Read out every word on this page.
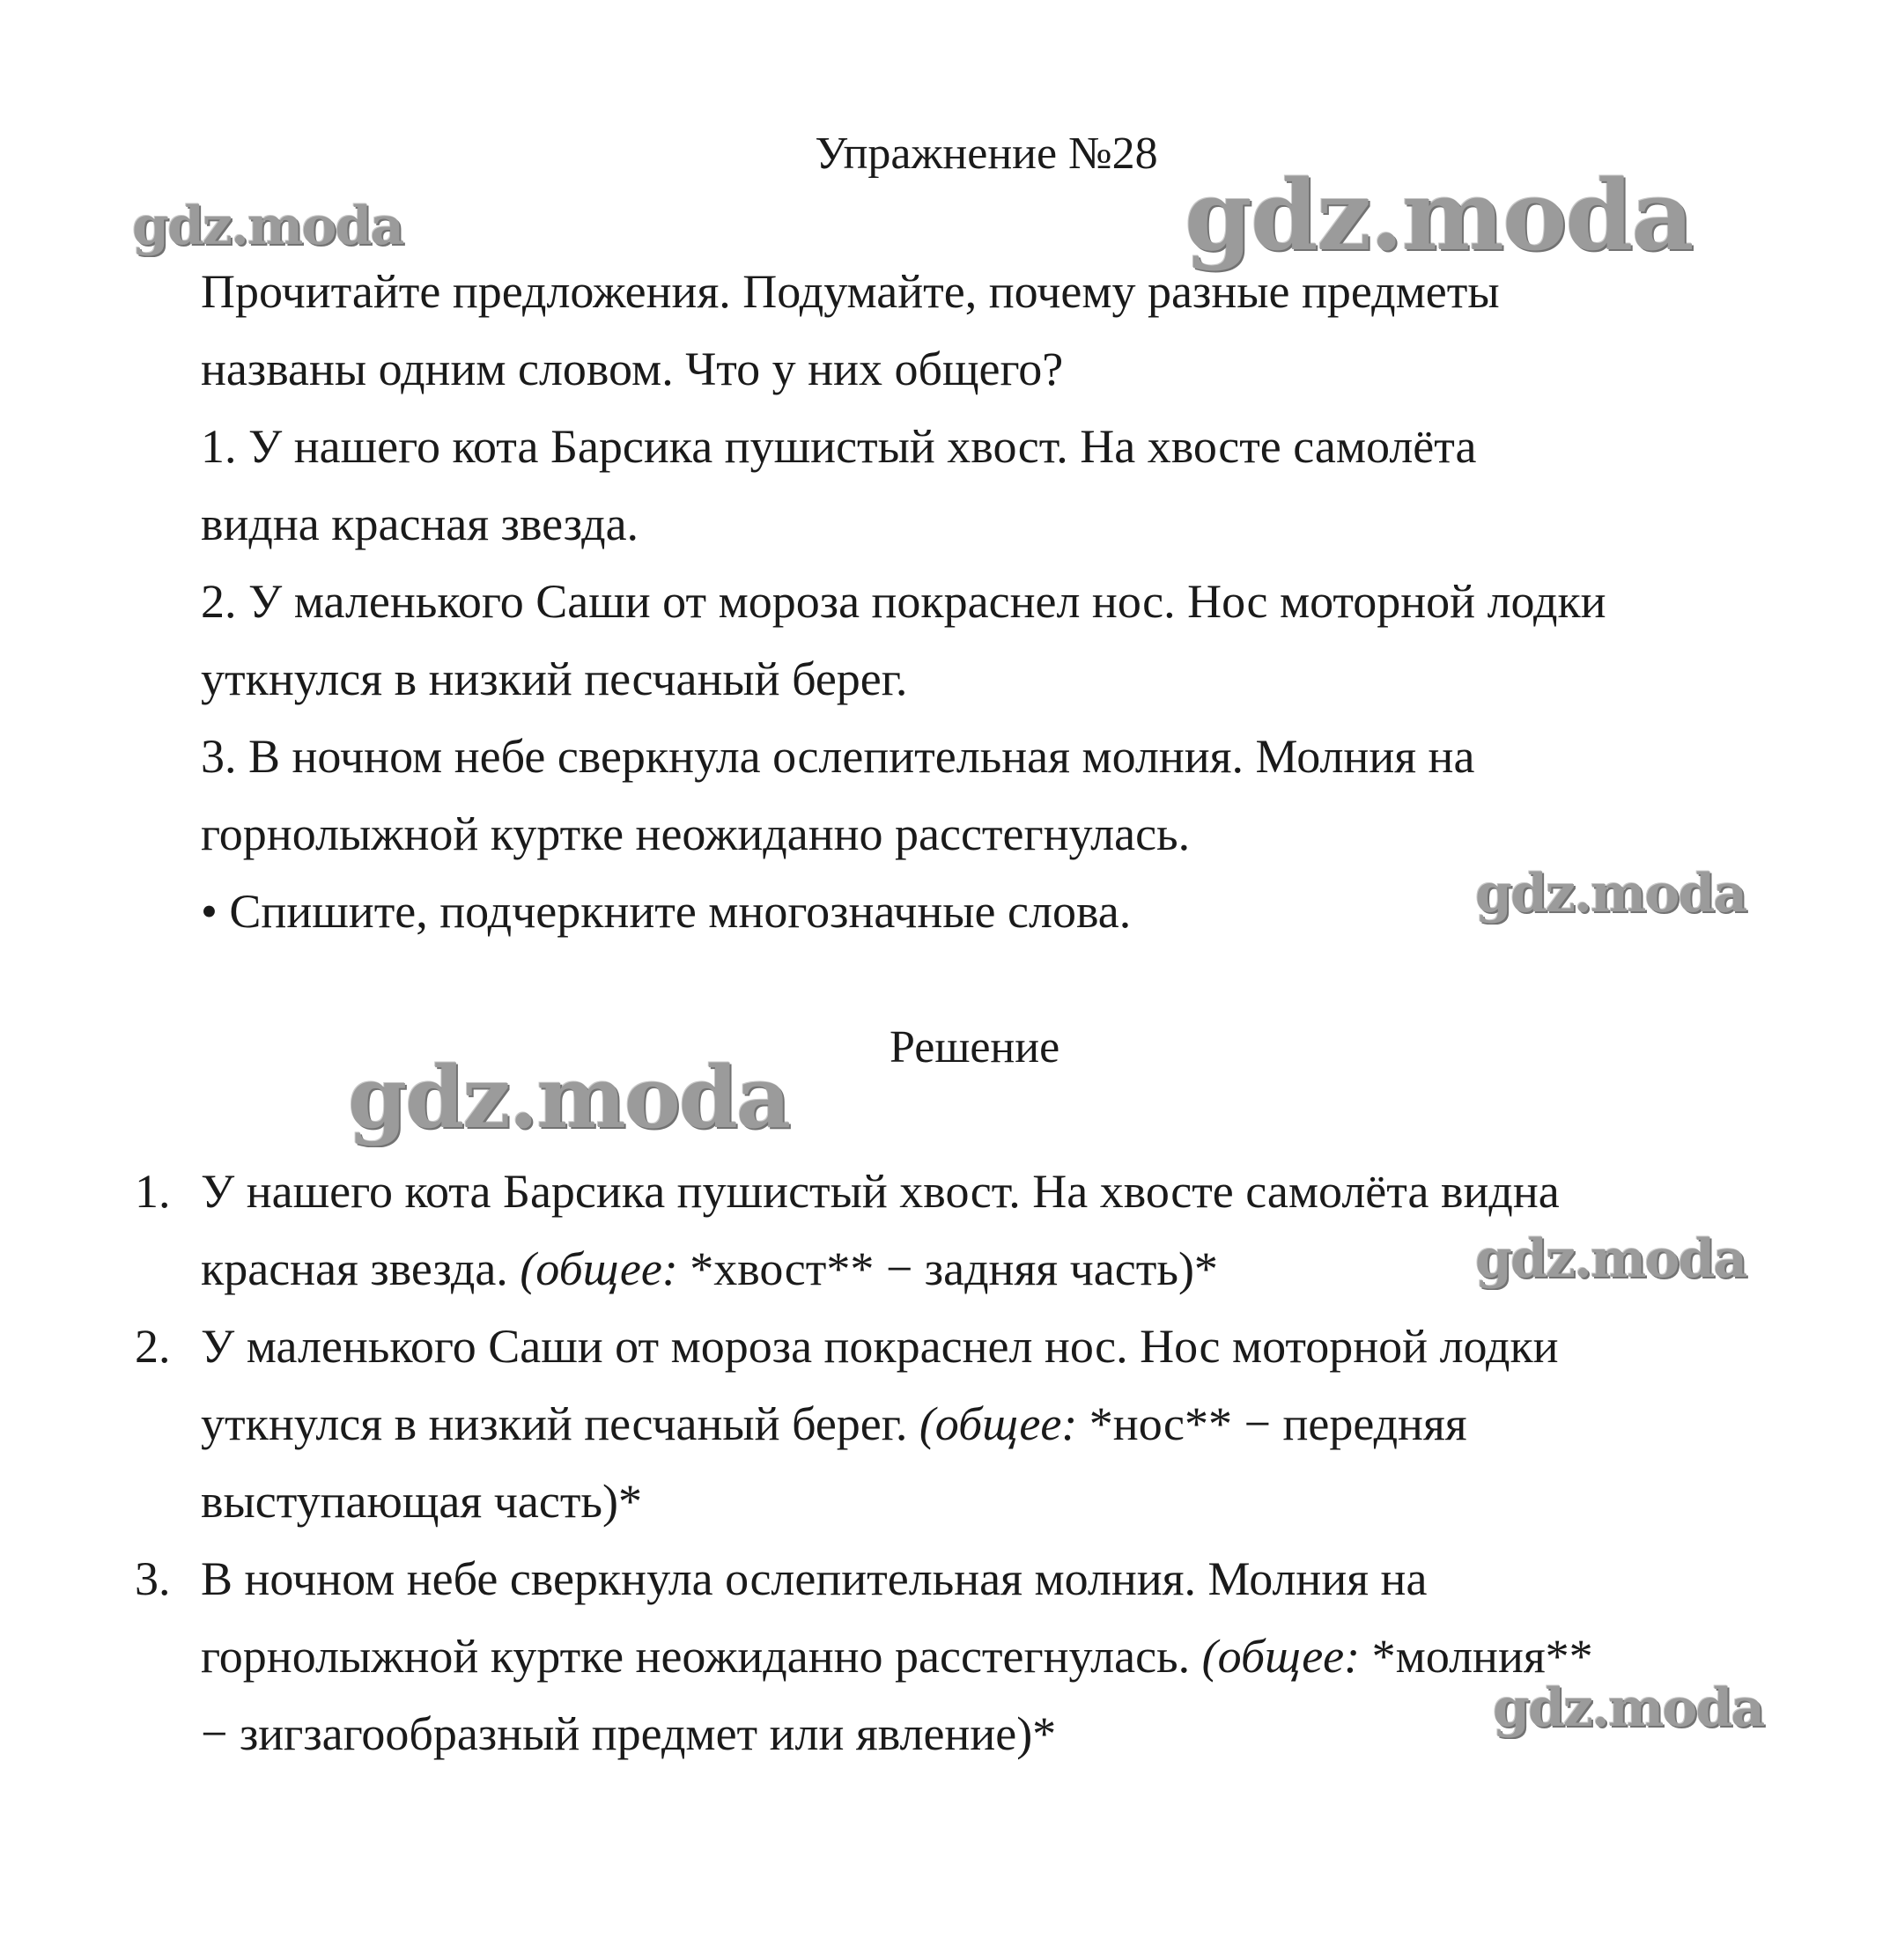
Упражнение №28
gdz.moda	gdz.moda
gdz.moda
gdz.moda
gdz.moda
gdz.moda
Прочитайте предложения. Подумайте, почему разные предметы
названы одним словом. Что у них общего?
1. У нашего кота Барсика пушистый хвост. На хвосте самолёта
видна красная звезда.
2. У маленького Саши от мороза покраснел нос. Нос моторной лодки
уткнулся в низкий песчаный берег.
3. В ночном небе сверкнула ослепительная молния. Молния на
горнолыжной куртке неожиданно расстегнулась.
• Спишите, подчеркните многозначные слова.
Решение
1. У нашего кота Барсика пушистый хвост. На хвосте самолёта видна
красная звезда. (общее: *хвост** − задняя часть)*
2. У маленького Саши от мороза покраснел нос. Нос моторной лодки
уткнулся в низкий песчаный берег. (общее: *нос** − передняя
выступающая часть)*
3. В ночном небе сверкнула ослепительная молния. Молния на
горнолыжной куртке неожиданно расстегнулась. (общее: *молния**
− зигзагообразный предмет или явление)*
